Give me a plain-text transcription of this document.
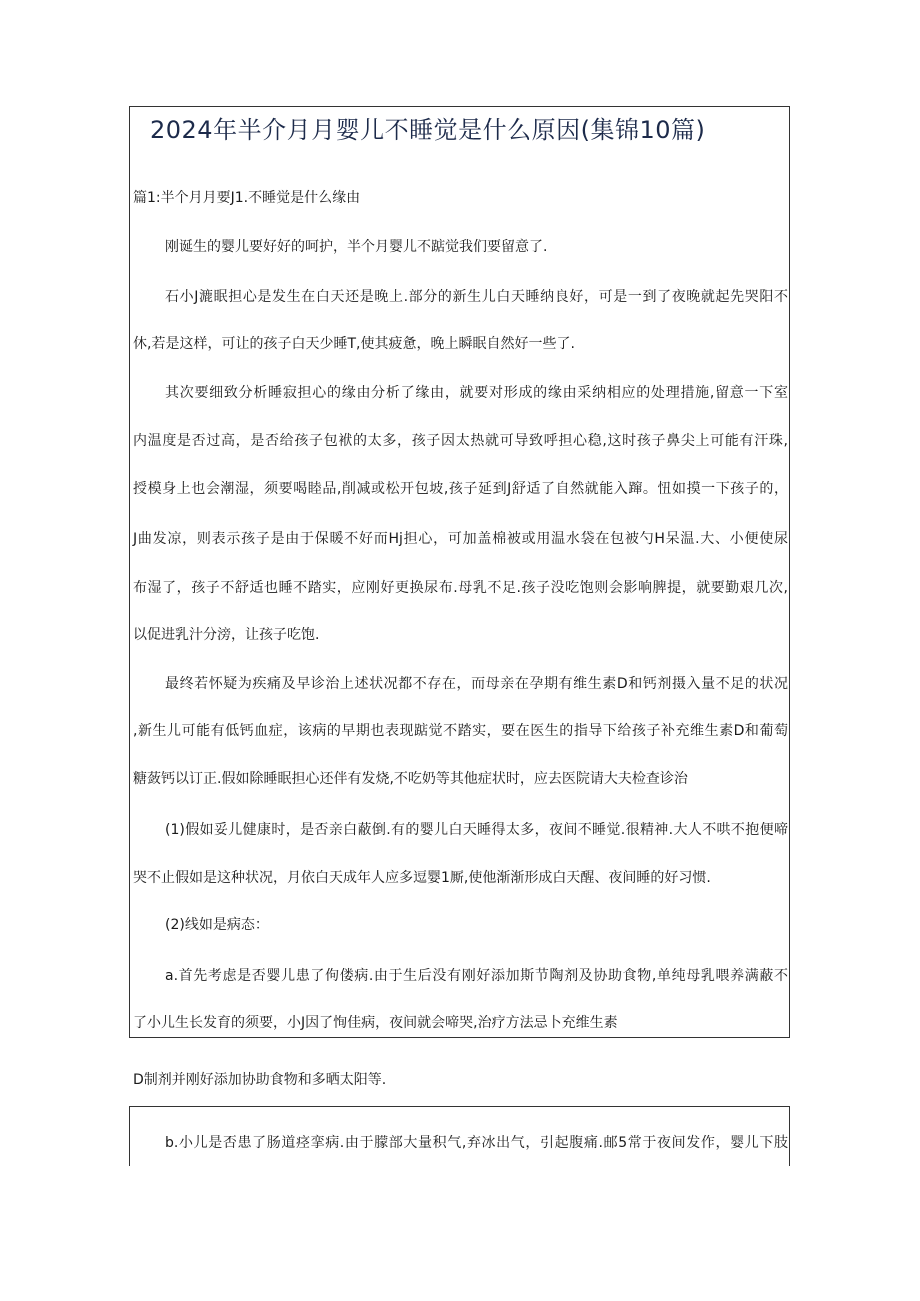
2024年半介月月婴儿不睡觉是什么原因(集锦10篇)
篇1:半个月月要J1.不睡觉是什么缘由
刚诞生的婴儿要好好的呵护，半个月婴儿不踮觉我们要留意了.
石小J漉眠担心是发生在白天还是晚上.部分的新生儿白天睡纳良好，可是一到了夜晚就起先哭阳不
休,若是这样，可让的孩子白天少睡T,使其疲惫，晚上瞬眠自然好一些了.
其次要细致分析睡寂担心的缘由分析了缘由，就要对形成的缘由采纳相应的处理措施,留意一下室
内温度是否过高，是否给孩子包袱的太多，孩子因太热就可导致呼担心稳,这时孩子鼻尖上可能有汗珠,
授模身上也会潮湿，须要喝睦品,削减或松开包坡,孩子延到J舒适了自然就能入蹿。忸如摸一下孩子的，
J曲发凉，则表示孩子是由于保暖不好而Hj担心，可加盖棉被或用温水袋在包被勺H呆温.大、小便使尿
布湿了，孩子不舒适也睡不踏实，应刚好更换尿布.母乳不足.孩子没吃饱则会影响脾提，就要勤艰几次,
以促进乳汁分滂，让孩子吃饱.
最终若怀疑为疾痛及早诊治上述状况都不存在，而母亲在孕期有维生素D和钙剂摄入量不足的状况
,新生儿可能有低钙血症，该病的早期也表现踮觉不踏实，要在医生的指导下给孩子补充维生素D和葡萄
糖蔹钙以订正.假如除睡眠担心还伴有发烧,不吃奶等其他症状时，应去医院请大夫检查诊治
(1)假如妥儿健康时，是否亲白蔽倒.有的婴儿白天睡得太多，夜间不睡觉.很精神.大人不哄不抱便啼
哭不止假如是这种状况，月依白天成年人应多逗婴1厮,使他渐渐形成白天醒、夜间睡的好习惯.
(2)线如是病态：
a.首先考虑是否婴儿患了佝偻病.由于生后没有刚好添加斯节陶剂及协助食物,单纯母乳喂养满蔽不
了小儿生长发育的须要，小J因了恂佳病，夜间就会啼哭,治疗方法忌卜充维生素
D制剂并刚好添加协助食物和多晒太阳等.
b.小儿是否患了肠道痉挛病.由于朦部大量积气,弃冰出气，引起腹痛.邮5常于夜间发作，婴儿下肢
